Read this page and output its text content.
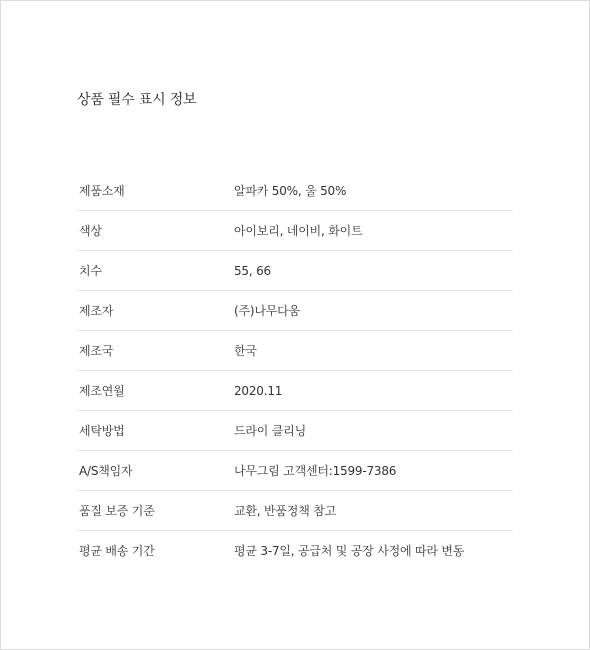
상품 필수 표시 정보
제품소재	알파카 50%, 울 50%
색상	아이보리, 네이비, 화이트
치수	55, 66
제조자	(주)나무다움
제조국	한국
제조연월	2020.11
세탁방법	드라이 클리닝
A/S책임자	나무그림 고객센터:1599-7386
품질 보증 기준	교환, 반품정책 참고
평균 배송 기간	평균 3-7일, 공급처 및 공장 사정에 따라 변동
